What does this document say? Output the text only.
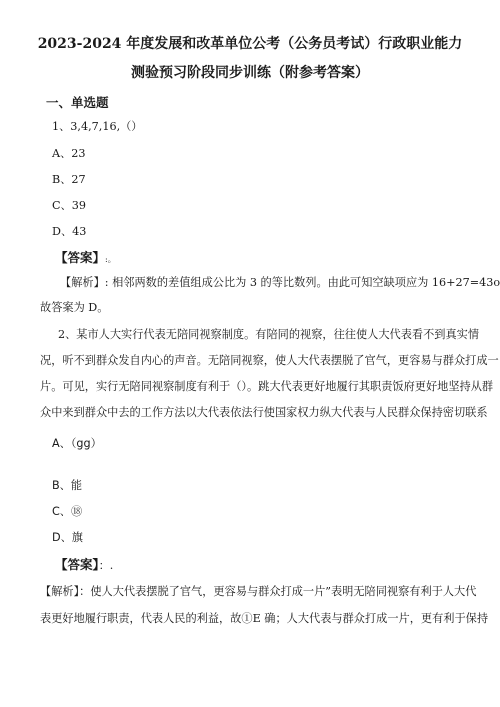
2023-2024 年度发展和改革单位公考（公务员考试）行政职业能力
测验预习阶段同步训练（附参考答案）
一、单选题
1、3,4,7,16,（）
A、23
B、27
C、39
D、43
【答案】:。
【解析】: 相邻两数的差值组成公比为 3 的等比数列。由此可知空缺项应为 16+27=43o
故答案为 D。
2、某市人大实行代表无陪同视察制度。有陪同的视察，往往使人大代表看不到真实情
况，听不到群众发自内心的声音。无陪同视察，使人大代表摆脱了官气，更容易与群众打成一
片。可见，实行无陪同视察制度有利于（）。跳大代表更好地履行其职责饭府更好地坚持从群
众中来到群众中去的工作方法以大代表依法行使国家权力纵大代表与人民群众保持密切联系
A、（gg）
B、能
C、⑱
D、旗
【答案】：.
【解析】：使人大代表摆脱了官气，更容易与群众打成一片”表明无陪同视察有利于人大代
表更好地履行职责，代表人民的利益，故①E 确；人大代表与群众打成一片，更有利于保持
